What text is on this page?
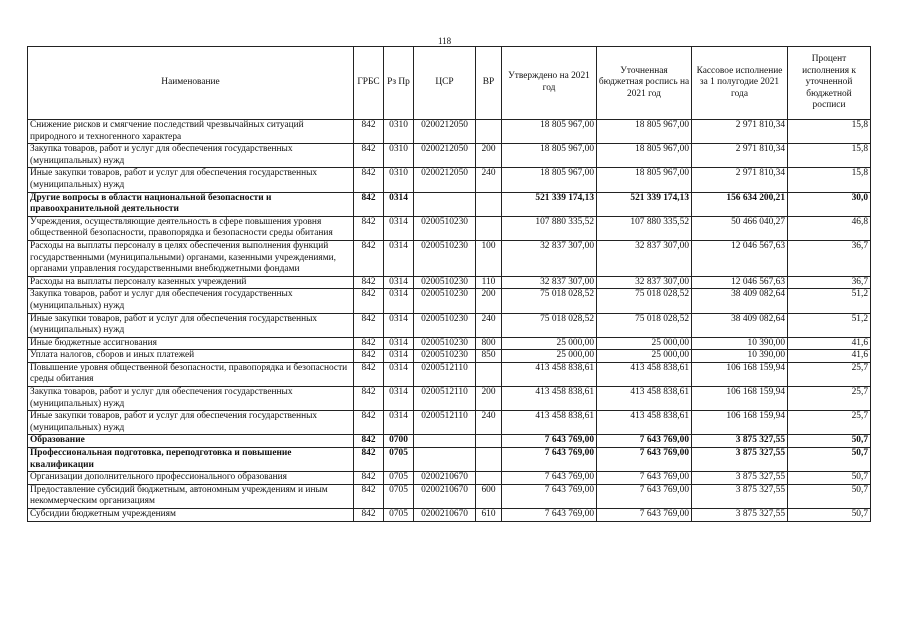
118
Наименование	ГРБС	Рз Пр	ЦСР	ВР	Утверждено на 2021 год	Уточненная бюджетная роспись на 2021 год	Кассовое исполнение за 1 полугодие 2021 года	Процент исполнения к уточненной бюджетной росписи
Снижение рисков и смягчение последствий чрезвычайных ситуаций природного и техногенного характера	842	0310	0200212050		18 805 967,00	18 805 967,00	2 971 810,34	15,8
Закупка товаров, работ и услуг для обеспечения государственных (муниципальных) нужд	842	0310	0200212050	200	18 805 967,00	18 805 967,00	2 971 810,34	15,8
Иные закупки товаров, работ и услуг для обеспечения государственных (муниципальных) нужд	842	0310	0200212050	240	18 805 967,00	18 805 967,00	2 971 810,34	15,8
Другие вопросы в области национальной безопасности и правоохранительной деятельности	842	0314			521 339 174,13	521 339 174,13	156 634 200,21	30,0
Учреждения, осуществляющие деятельность в сфере повышения уровня общественной безопасности, правопорядка и безопасности среды обитания	842	0314	0200510230		107 880 335,52	107 880 335,52	50 466 040,27	46,8
Расходы на выплаты персоналу в целях обеспечения выполнения функций государственными (муниципальными) органами, казенными учреждениями, органами управления государственными внебюджетными фондами	842	0314	0200510230	100	32 837 307,00	32 837 307,00	12 046 567,63	36,7
Расходы на выплаты персоналу казенных учреждений	842	0314	0200510230	110	32 837 307,00	32 837 307,00	12 046 567,63	36,7
Закупка товаров, работ и услуг для обеспечения государственных (муниципальных) нужд	842	0314	0200510230	200	75 018 028,52	75 018 028,52	38 409 082,64	51,2
Иные закупки товаров, работ и услуг для обеспечения государственных (муниципальных) нужд	842	0314	0200510230	240	75 018 028,52	75 018 028,52	38 409 082,64	51,2
Иные бюджетные ассигнования	842	0314	0200510230	800	25 000,00	25 000,00	10 390,00	41,6
Уплата налогов, сборов и иных платежей	842	0314	0200510230	850	25 000,00	25 000,00	10 390,00	41,6
Повышение уровня общественной безопасности, правопорядка и безопасности среды обитания	842	0314	0200512110		413 458 838,61	413 458 838,61	106 168 159,94	25,7
Закупка товаров, работ и услуг для обеспечения государственных (муниципальных) нужд	842	0314	0200512110	200	413 458 838,61	413 458 838,61	106 168 159,94	25,7
Иные закупки товаров, работ и услуг для обеспечения государственных (муниципальных) нужд	842	0314	0200512110	240	413 458 838,61	413 458 838,61	106 168 159,94	25,7
Образование	842	0700			7 643 769,00	7 643 769,00	3 875 327,55	50,7
Профессиональная подготовка, переподготовка и повышение квалификации	842	0705			7 643 769,00	7 643 769,00	3 875 327,55	50,7
Организации дополнительного профессионального образования	842	0705	0200210670		7 643 769,00	7 643 769,00	3 875 327,55	50,7
Предоставление субсидий бюджетным, автономным учреждениям и иным некоммерческим организациям	842	0705	0200210670	600	7 643 769,00	7 643 769,00	3 875 327,55	50,7
Субсидии бюджетным учреждениям	842	0705	0200210670	610	7 643 769,00	7 643 769,00	3 875 327,55	50,7
